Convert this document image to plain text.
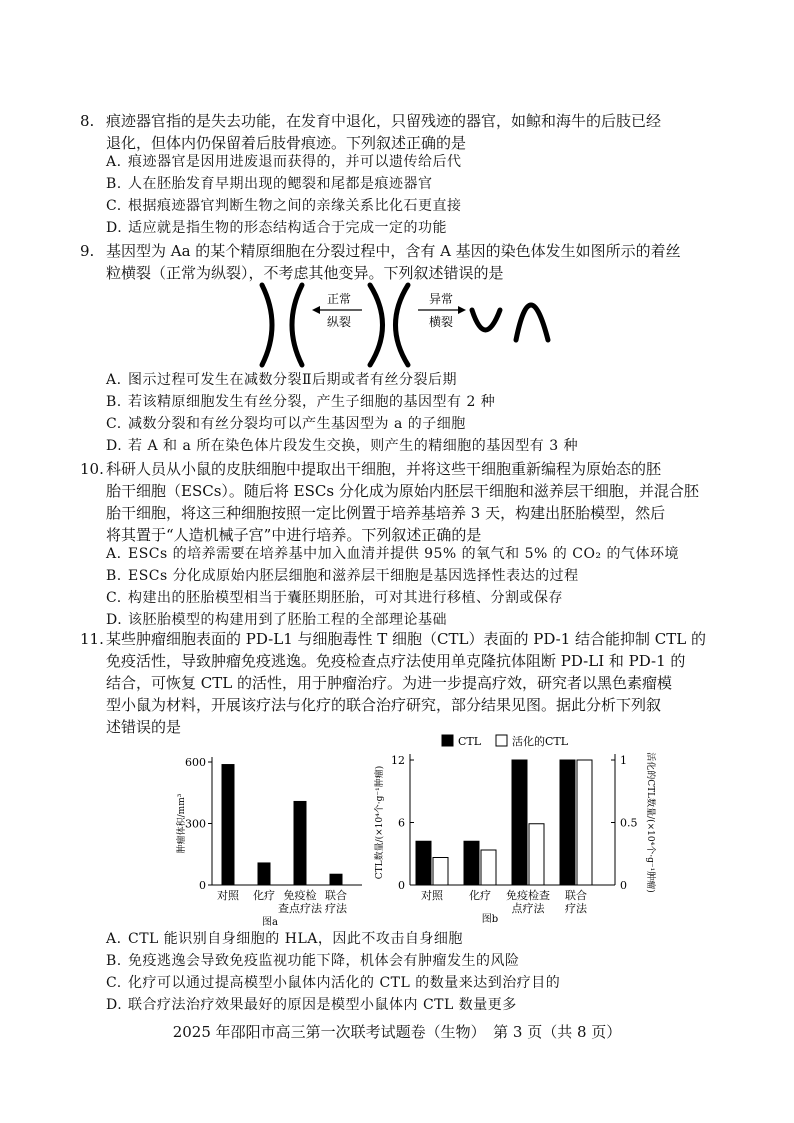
8. 痕迹器官指的是失去功能，在发育中退化，只留残迹的器官，如鲸和海牛的后肢已经
退化，但体内仍保留着后肢骨痕迹。下列叙述正确的是
A. 痕迹器官是因用进废退而获得的，并可以遗传给后代
B. 人在胚胎发育早期出现的鳃裂和尾都是痕迹器官
C. 根据痕迹器官判断生物之间的亲缘关系比化石更直接
D. 适应就是指生物的形态结构适合于完成一定的功能
9. 基因型为 Aa 的某个精原细胞在分裂过程中，含有 A 基因的染色体发生如图所示的着丝
粒横裂（正常为纵裂），不考虑其他变异。下列叙述错误的是
正常
纵裂
异常
横裂
A. 图示过程可发生在减数分裂Ⅱ后期或者有丝分裂后期
B. 若该精原细胞发生有丝分裂，产生子细胞的基因型有 2 种
C. 减数分裂和有丝分裂均可以产生基因型为 a 的子细胞
D. 若 A 和 a 所在染色体片段发生交换，则产生的精细胞的基因型有 3 种
10. 科研人员从小鼠的皮肤细胞中提取出干细胞，并将这些干细胞重新编程为原始态的胚
胎干细胞（ESCs）。随后将 ESCs 分化成为原始内胚层干细胞和滋养层干细胞，并混合胚
胎干细胞，将这三种细胞按照一定比例置于培养基培养 3 天，构建出胚胎模型，然后
将其置于“人造机械子宫”中进行培养。下列叙述正确的是
A. ESCs 的培养需要在培养基中加入血清并提供 95% 的氧气和 5% 的 CO₂ 的气体环境
B. ESCs 分化成原始内胚层细胞和滋养层干细胞是基因选择性表达的过程
C. 构建出的胚胎模型相当于囊胚期胚胎，可对其进行移植、分割或保存
D. 该胚胎模型的构建用到了胚胎工程的全部理论基础
11. 某些肿瘤细胞表面的 PD-L1 与细胞毒性 T 细胞（CTL）表面的 PD-1 结合能抑制 CTL 的
免疫活性，导致肿瘤免疫逃逸。免疫检查点疗法使用单克隆抗体阻断 PD-LI 和 PD-1 的
结合，可恢复 CTL 的活性，用于肿瘤治疗。为进一步提高疗效，研究者以黑色素瘤模
型小鼠为材料，开展该疗法与化疗的联合治疗研究，部分结果见图。据此分析下列叙
述错误的是
0
300
600
肿瘤体积/mm³
对照 化疗 免疫检
查点疗法
联合
疗法
图a
0
6
12
0
0.5
1
CTL数量/(×10⁴个·g⁻¹肿瘤)	活化的CTL数量/(×10⁴个·g⁻¹肿瘤)
CTL	活化的CTL
对照 化疗 免疫检查
点疗法
联合
疗法
图b
A. CTL 能识别自身细胞的 HLA，因此不攻击自身细胞
B. 免疫逃逸会导致免疫监视功能下降，机体会有肿瘤发生的风险
C. 化疗可以通过提高模型小鼠体内活化的 CTL 的数量来达到治疗目的
D. 联合疗法治疗效果最好的原因是模型小鼠体内 CTL 数量更多
2025 年邵阳市高三第一次联考试题卷（生物）　第 3 页（共 8 页）
